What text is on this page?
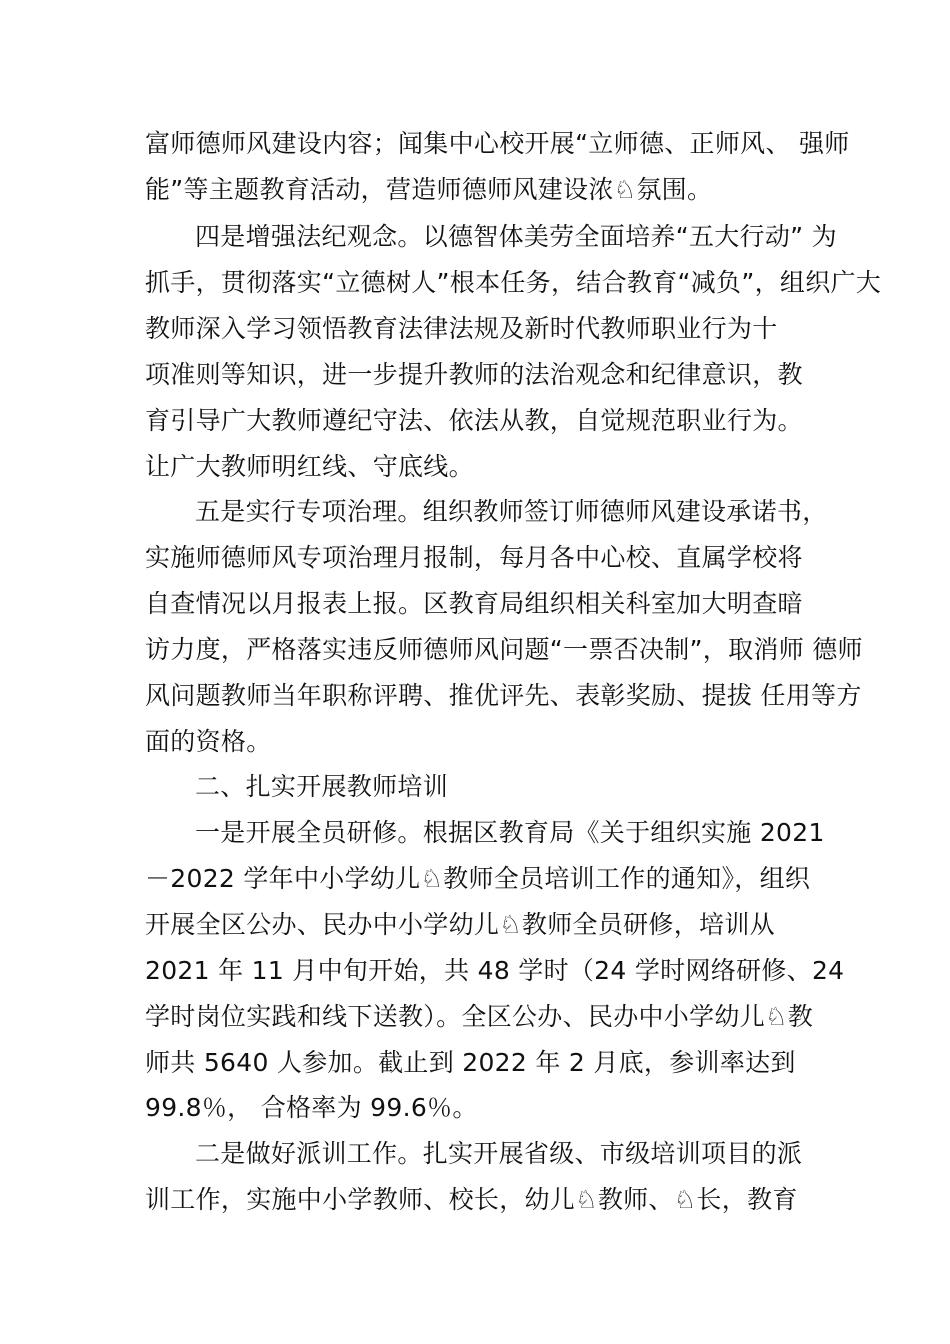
富师德师风建设内容；闻集中心校开展“立师德、正师风、 强师
能”等主题教育活动，营造师德师风建设浓♘氛围。
四是增强法纪观念。以德智体美劳全面培养“五大行动” 为
抓手，贯彻落实“立德树人”根本任务，结合教育“减负”，组织广大
教师深入学习领悟教育法律法规及新时代教师职业行为十
项准则等知识，进一步提升教师的法治观念和纪律意识，教
育引导广大教师遵纪守法、依法从教，自觉规范职业行为。
让广大教师明红线、守底线。
五是实行专项治理。组织教师签订师德师风建设承诺书，
实施师德师风专项治理月报制，每月各中心校、直属学校将
自查情况以月报表上报。区教育局组织相关科室加大明查暗
访力度，严格落实违反师德师风问题“一票否决制”，取消师 德师
风问题教师当年职称评聘、推优评先、表彰奖励、提拔 任用等方
面的资格。
二、扎实开展教师培训
一是开展全员研修。根据区教育局《关于组织实施 2021
－2022 学年中小学幼儿♘教师全员培训工作的通知》，组织
开展全区公办、民办中小学幼儿♘教师全员研修，培训从
2021 年 11 月中旬开始，共 48 学时（24 学时网络研修、24
学时岗位实践和线下送教）。全区公办、民办中小学幼儿♘教
师共 5640 人参加。截止到 2022 年 2 月底，参训率达到
99.8％， 合格率为 99.6％。
二是做好派训工作。扎实开展省级、市级培训项目的派
训工作，实施中小学教师、校长，幼儿♘教师、♘长，教育
